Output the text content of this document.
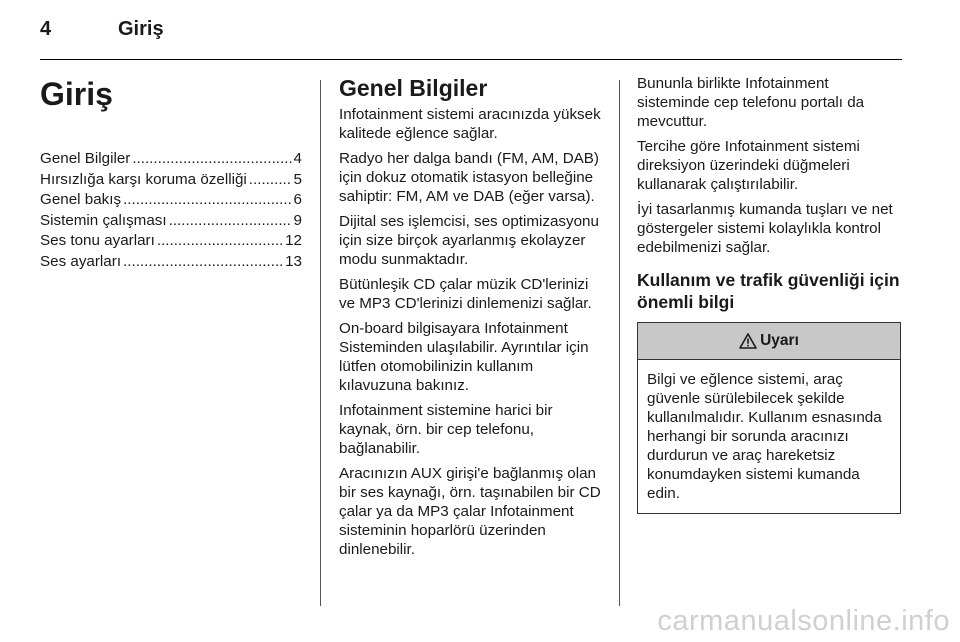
4	Giriş
Giriş
Genel Bilgiler .....	4
Hırsızlığa karşı koruma özelliği .....	5
Genel bakış .....	6
Sistemin çalışması .....	9
Ses tonu ayarları .....	12
Ses ayarları .....	13
Genel Bilgiler

Infotainment sistemi aracınızda yüksek kalitede eğlence sağlar.

Radyo her dalga bandı (FM, AM, DAB) için dokuz otomatik istasyon belleğine sahiptir: FM, AM ve DAB (eğer varsa).

Dijital ses işlemcisi, ses optimizasyonu için size birçok ayarlanmış ekolayzer modu sunmaktadır.

Bütünleşik CD çalar müzik CD'lerinizi ve MP3 CD'lerinizi dinlemenizi sağlar.

On-board bilgisayara Infotainment Sisteminden ulaşılabilir. Ayrıntılar için lütfen otomobilinizin kullanım kılavuzuna bakınız.

Infotainment sistemine harici bir kaynak, örn. bir cep telefonu, bağlanabilir.

Aracınızın AUX girişi'e bağlanmış olan bir ses kaynağı, örn. taşınabilen bir CD çalar ya da MP3 çalar Infotainment sisteminin hoparlörü üzerinden dinlenebilir.

Bununla birlikte Infotainment sisteminde cep telefonu portalı da mevcuttur.

Tercihe göre Infotainment sistemi direksiyon üzerindeki düğmeleri kullanarak çalıştırılabilir.

İyi tasarlanmış kumanda tuşları ve net göstergeler sistemi kolaylıkla kontrol edebilmenizi sağlar.

Kullanım ve trafik güvenliği için önemli bilgi
Uyarı
Bilgi ve eğlence sistemi, araç güvenle sürülebilecek şekilde kullanılmalıdır. Kullanım esnasında herhangi bir sorunda aracınızı durdurun ve araç hareketsiz konumdayken sistemi kumanda edin.
carmanualsonline.info
